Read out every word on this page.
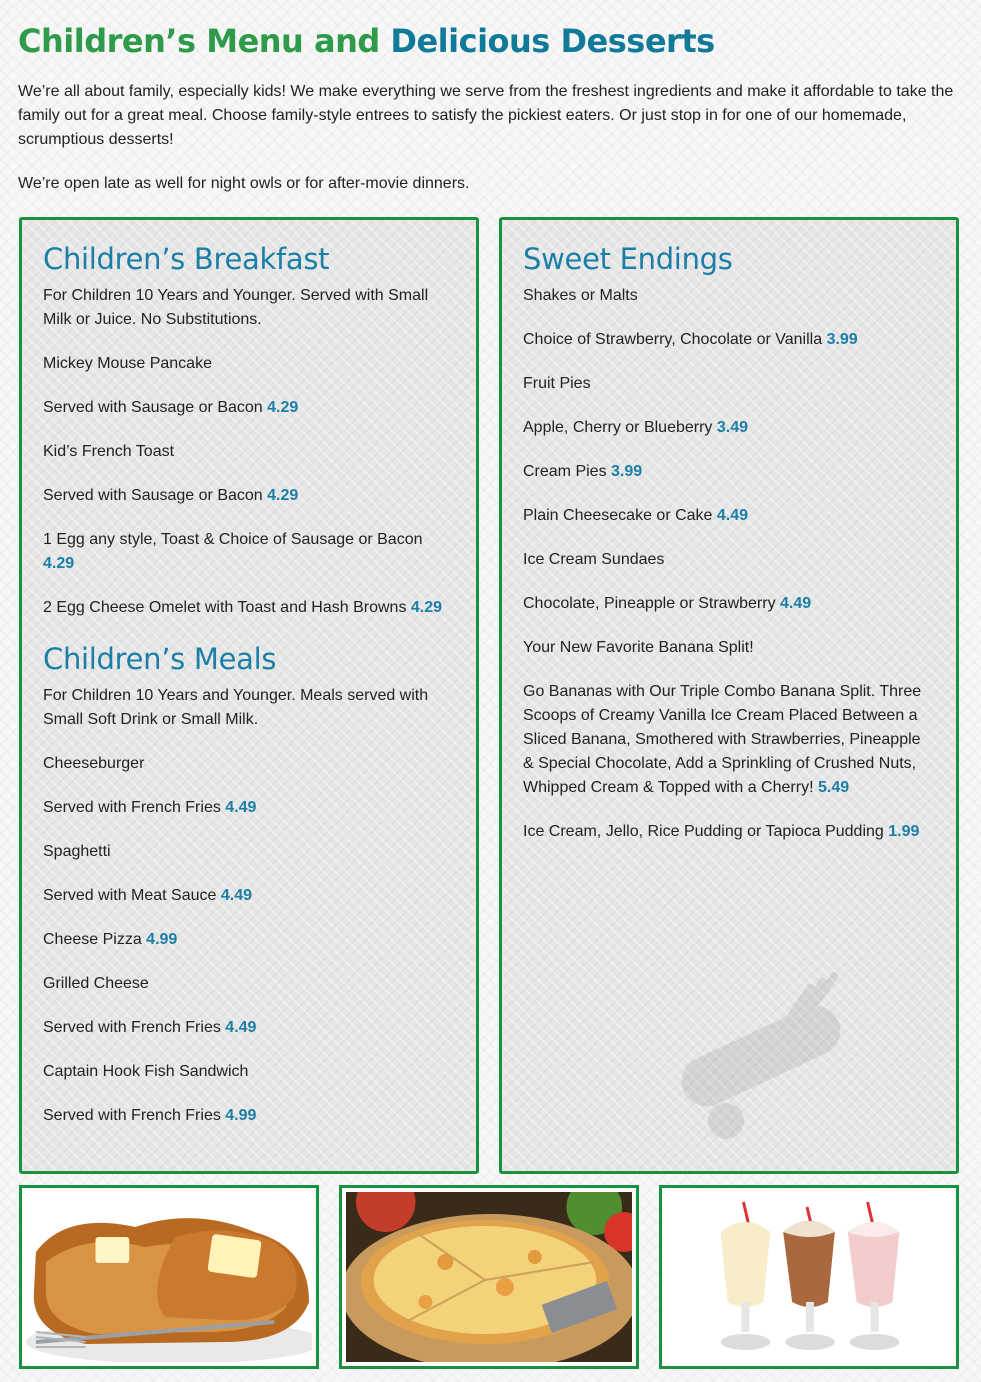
Children’s Menu and Delicious Desserts

We’re all about family, especially kids! We make everything we serve from the freshest ingredients and make it affordable to take the family out for a great meal. Choose family-style entrees to satisfy the pickiest eaters. Or just stop in for one of our homemade, scrumptious desserts!

We’re open late as well for night owls or for after-movie dinners.

Children’s Breakfast

For Children 10 Years and Younger. Served with Small Milk or Juice. No Substitutions.

Mickey Mouse Pancake

Served with Sausage or Bacon 4.29

Kid’s French Toast

Served with Sausage or Bacon 4.29

1 Egg any style, Toast & Choice of Sausage or Bacon 4.29

2 Egg Cheese Omelet with Toast and Hash Browns 4.29

Children’s Meals

For Children 10 Years and Younger. Meals served with Small Soft Drink or Small Milk.

Cheeseburger

Served with French Fries 4.49

Spaghetti

Served with Meat Sauce 4.49

Cheese Pizza 4.99

Grilled Cheese

Served with French Fries 4.49

Captain Hook Fish Sandwich

Served with French Fries 4.99

Sweet Endings

Shakes or Malts

Choice of Strawberry, Chocolate or Vanilla 3.99

Fruit Pies

Apple, Cherry or Blueberry 3.49

Cream Pies 3.99

Plain Cheesecake or Cake 4.49

Ice Cream Sundaes

Chocolate, Pineapple or Strawberry 4.49

Your New Favorite Banana Split!

Go Bananas with Our Triple Combo Banana Split. Three Scoops of Creamy Vanilla Ice Cream Placed Between a Sliced Banana, Smothered with Strawberries, Pineapple & Special Chocolate, Add a Sprinkling of Crushed Nuts, Whipped Cream & Topped with a Cherry! 5.49

Ice Cream, Jello, Rice Pudding or Tapioca Pudding 1.99
